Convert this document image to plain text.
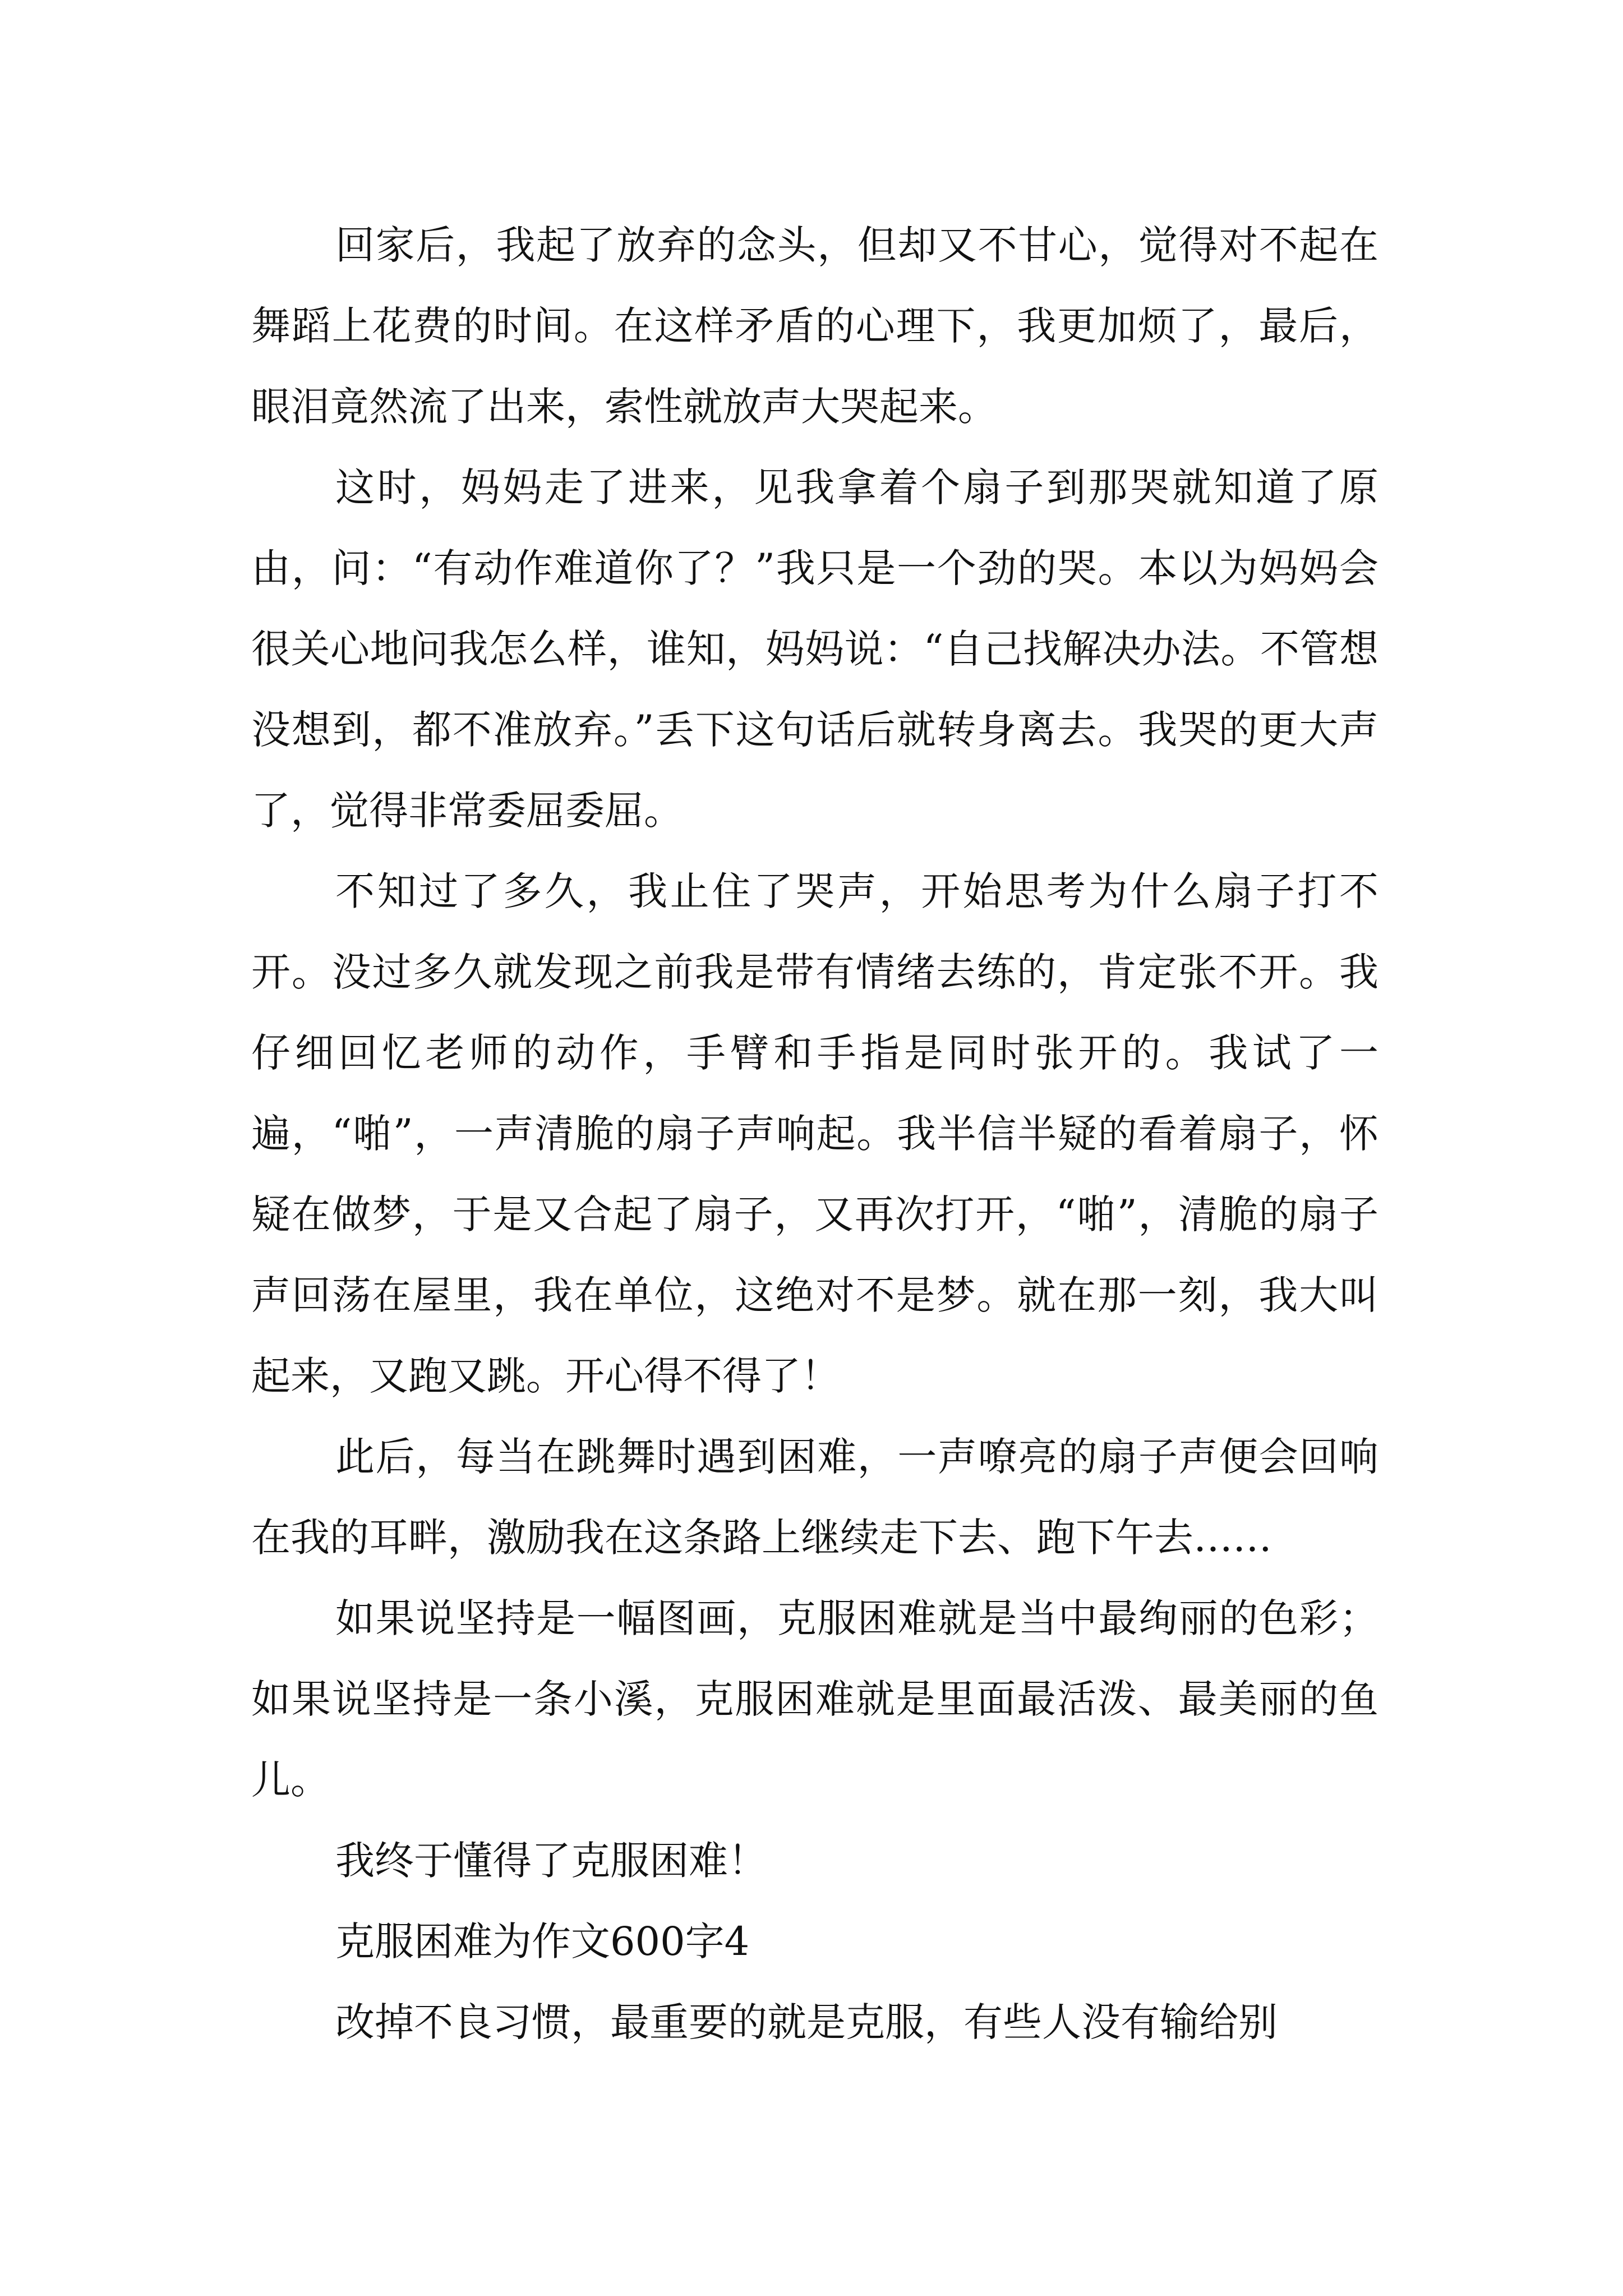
回家后，我起了放弃的念头，但却又不甘心，觉得对不起在舞蹈上花费的时间。在这样矛盾的心理下，我更加烦了，最后，眼泪竟然流了出来，索性就放声大哭起来。

这时，妈妈走了进来，见我拿着个扇子到那哭就知道了原由，问：“有动作难道你了？”我只是一个劲的哭。本以为妈妈会很关心地问我怎么样，谁知，妈妈说：“自己找解决办法。不管想没想到，都不准放弃。”丢下这句话后就转身离去。我哭的更大声了，觉得非常委屈委屈。

不知过了多久，我止住了哭声，开始思考为什么扇子打不开。没过多久就发现之前我是带有情绪去练的，肯定张不开。我仔细回忆老师的动作，手臂和手指是同时张开的。我试了一遍，“啪”，一声清脆的扇子声响起。我半信半疑的看着扇子，怀疑在做梦，于是又合起了扇子，又再次打开，“啪”，清脆的扇子声回荡在屋里，我在单位，这绝对不是梦。就在那一刻，我大叫起来，又跑又跳。开心得不得了！

此后，每当在跳舞时遇到困难，一声嘹亮的扇子声便会回响在我的耳畔，激励我在这条路上继续走下去、跑下午去……

如果说坚持是一幅图画，克服困难就是当中最绚丽的色彩；如果说坚持是一条小溪，克服困难就是里面最活泼、最美丽的鱼儿。

我终于懂得了克服困难！

克服困难为作文600字4

改掉不良习惯，最重要的就是克服，有些人没有输给别
